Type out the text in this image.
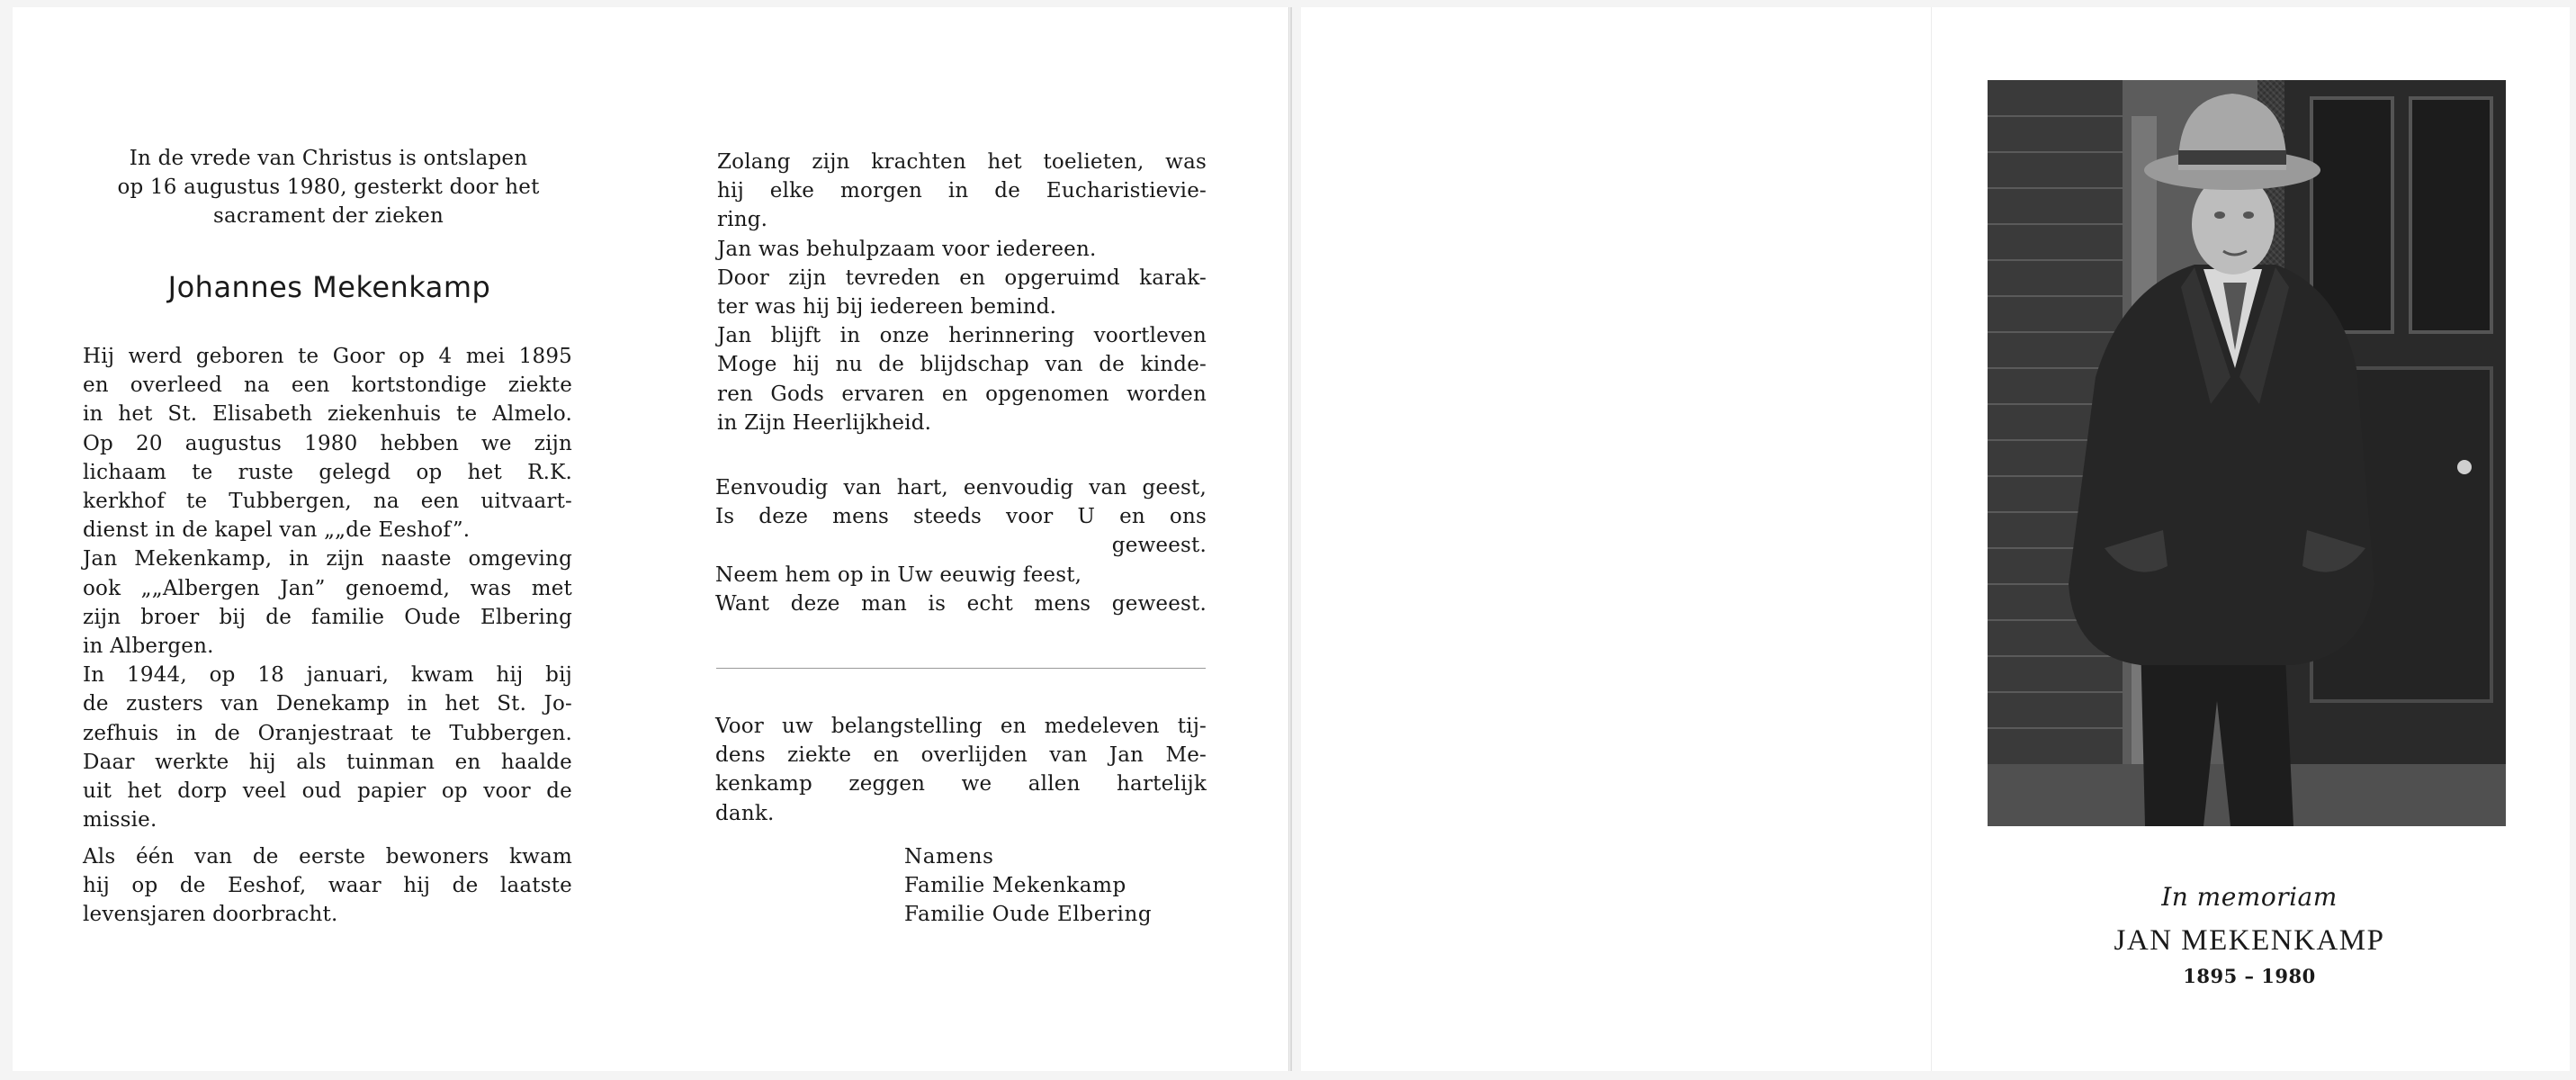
In de vrede van Christus is ontslapen
op 16 augustus 1980, gesterkt door het
sacrament der zieken
Johannes Mekenkamp
Hij werd geboren te Goor op 4 mei 1895
en overleed na een kortstondige ziekte
in het St. Elisabeth ziekenhuis te Almelo.
Op 20 augustus 1980 hebben we zijn
lichaam te ruste gelegd op het R.K.
kerkhof te Tubbergen, na een uitvaart-
dienst in de kapel van „„de Eeshof”.
Jan Mekenkamp, in zijn naaste omgeving
ook „„Albergen Jan” genoemd, was met
zijn broer bij de familie Oude Elbering
in Albergen.
In 1944, op 18 januari, kwam hij bij
de zusters van Denekamp in het St. Jo-
zefhuis in de Oranjestraat te Tubbergen.
Daar werkte hij als tuinman en haalde
uit het dorp veel oud papier op voor de
missie.
Als één van de eerste bewoners kwam
hij op de Eeshof, waar hij de laatste
levensjaren doorbracht.
Zolang zijn krachten het toelieten, was
hij elke morgen in de Eucharistievie-
ring.
Jan was behulpzaam voor iedereen.
Door zijn tevreden en opgeruimd karak-
ter was hij bij iedereen bemind.
Jan blijft in onze herinnering voortleven
Moge hij nu de blijdschap van de kinde-
ren Gods ervaren en opgenomen worden
in Zijn Heerlijkheid.
Eenvoudig van hart, eenvoudig van geest,
Is deze mens steeds voor U en ons
geweest.
Neem hem op in Uw eeuwig feest,
Want deze man is echt mens geweest.
Voor uw belangstelling en medeleven tij-
dens ziekte en overlijden van Jan Me-
kenkamp zeggen we allen hartelijk
dank.
Namens
Familie Mekenkamp
Familie Oude Elbering
In memoriam
JAN MEKENKAMP
1895 – 1980
